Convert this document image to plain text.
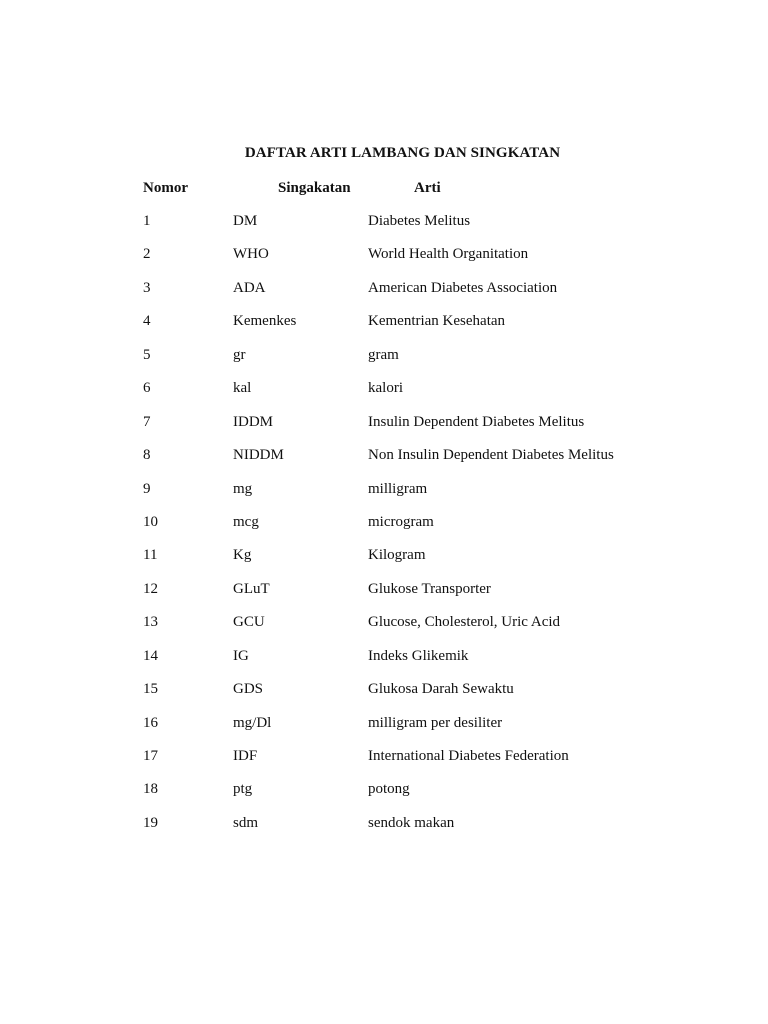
DAFTAR ARTI LAMBANG DAN SINGKATAN
Nomor	Singakatan	Arti
1	DM	Diabetes Melitus
2	WHO	World Health Organitation
3	ADA	American Diabetes Association
4	Kemenkes	Kementrian Kesehatan
5	gr	gram
6	kal	kalori
7	IDDM	Insulin Dependent Diabetes Melitus
8	NIDDM	Non Insulin Dependent Diabetes Melitus
9	mg	milligram
10	mcg	microgram
11	Kg	Kilogram
12	GLuT	Glukose Transporter
13	GCU	Glucose, Cholesterol, Uric Acid
14	IG	Indeks Glikemik
15	GDS	Glukosa Darah Sewaktu
16	mg/Dl	milligram per desiliter
17	IDF	International Diabetes Federation
18	ptg	potong
19	sdm	sendok makan
